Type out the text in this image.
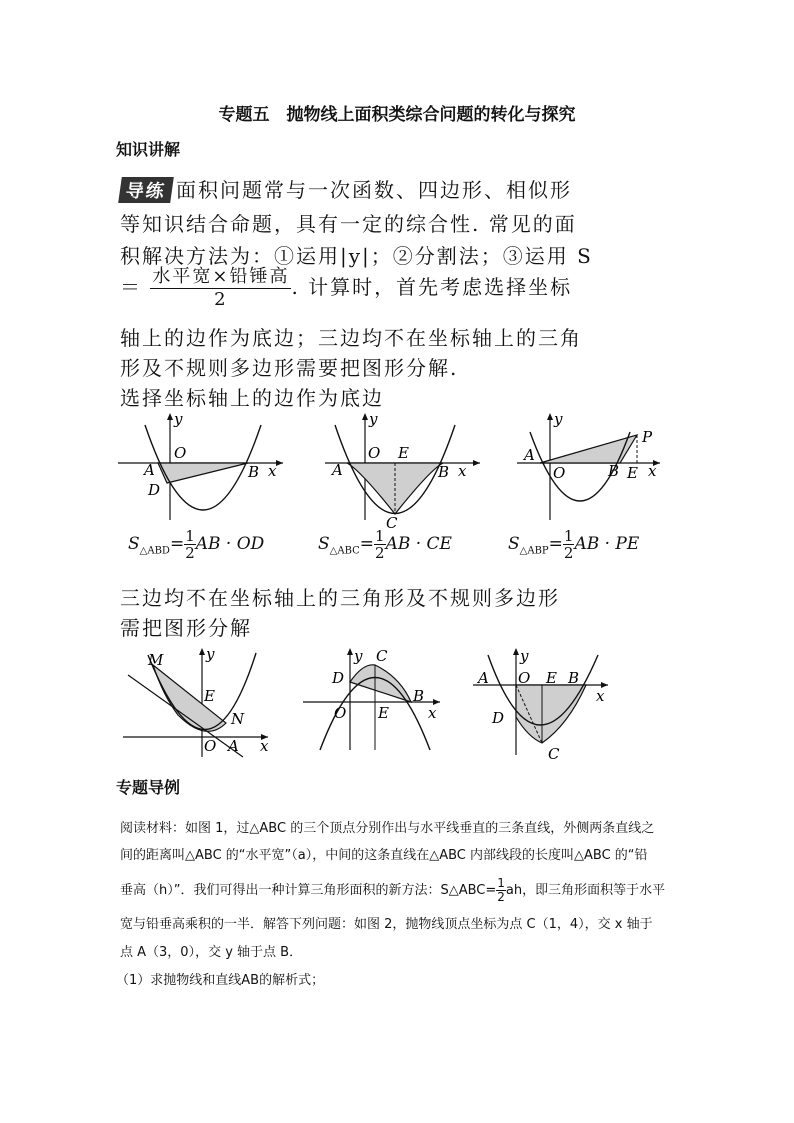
专题五　抛物线上面积类综合问题的转化与探究
知识讲解
导练 面积问题常与一次函数、四边形、相似形
等知识结合命题，具有一定的综合性. 常见的面
积解决方法为：①运用|y|；②分割法；③运用 S
＝ $\frac{\text{水平宽×铅锤高}}{2}$ . 计算时，首先考虑选择坐标
轴上的边作为底边；三边均不在坐标轴上的三角
形及不规则多边形需要把图形分解.
选择坐标轴上的边作为底边
y
O
A	B x
D
y
O E
A	B x
C
y
P
A
O	B E x
$S_{\triangle ABD}= \frac{1}{2}$ AB · OD	$S_{\triangle ABC}= \frac{1}{2}$ AB · CE	$S_{\triangle ABP}= \frac{1}{2}$ AB · PE
三边均不在坐标轴上的三角形及不规则多边形
需把图形分解
M	y
E
N
O A x
y C
D
B
O E	x
y
A O E B
x
D
C
专题导例

阅读材料：如图 1，过△ABC 的三个顶点分别作出与水平线垂直的三条直线，外侧两条直线之

间的距离叫△ABC 的“水平宽”（a），中间的这条直线在△ABC 内部线段的长度叫△ABC 的“铅

垂高（h）”．我们可得出一种计算三角形面积的新方法：S△ABC= $\frac{1}{2}$ ah，即三角形面积等于水平

宽与铅垂高乘积的一半．解答下列问题：如图 2，抛物线顶点坐标为点 C（1，4），交 x 轴于

点 A（3，0），交 y 轴于点 B．

（1）求抛物线和直线AB的解析式；
